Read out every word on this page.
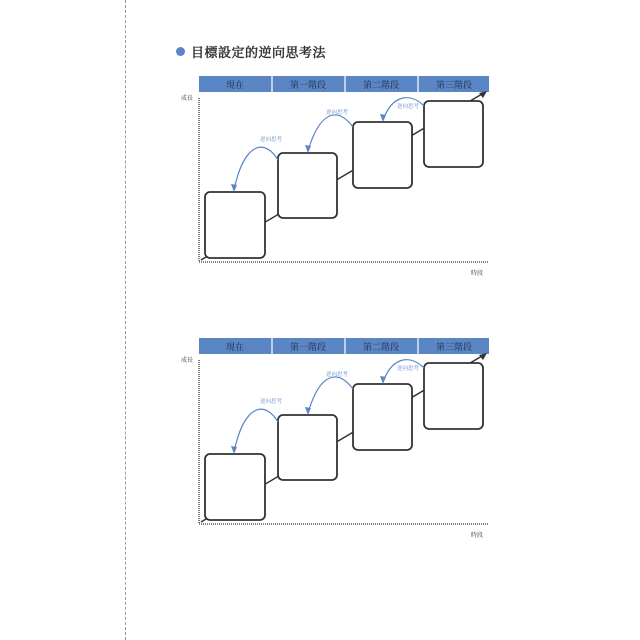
目標設定的逆向思考法
現在	第一階段	第二階段	第三階段
成長
時段
逆向思考
逆向思考
逆向思考
現在	第一階段	第二階段	第三階段
成長
時段
逆向思考
逆向思考
逆向思考
